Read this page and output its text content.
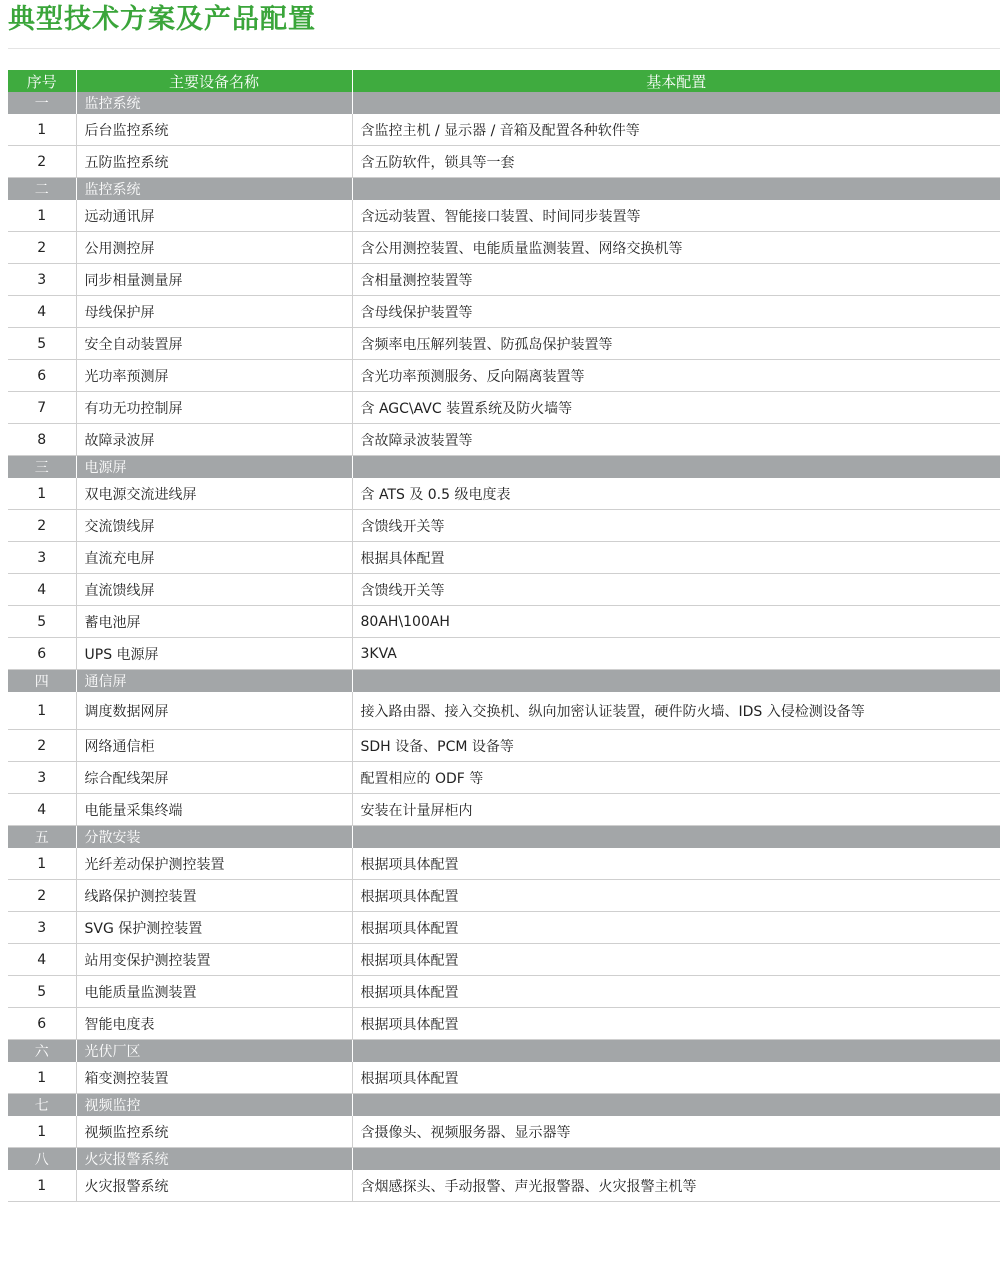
典型技术方案及产品配置
序号	主要设备名称	基本配置
一	监控系统	
1	后台监控系统	含监控主机 / 显示器 / 音箱及配置各种软件等
2	五防监控系统	含五防软件，锁具等一套
二	监控系统	
1	远动通讯屏	含远动装置、智能接口装置、时间同步装置等
2	公用测控屏	含公用测控装置、电能质量监测装置、网络交换机等
3	同步相量测量屏	含相量测控装置等
4	母线保护屏	含母线保护装置等
5	安全自动装置屏	含频率电压解列装置、防孤岛保护装置等
6	光功率预测屏	含光功率预测服务、反向隔离装置等
7	有功无功控制屏	含 AGC\AVC 装置系统及防火墙等
8	故障录波屏	含故障录波装置等
三	电源屏	
1	双电源交流进线屏	含 ATS 及 0.5 级电度表
2	交流馈线屏	含馈线开关等
3	直流充电屏	根据具体配置
4	直流馈线屏	含馈线开关等
5	蓄电池屏	80AH\100AH
6	UPS 电源屏	3KVA
四	通信屏	
1	调度数据网屏	接入路由器、接入交换机、纵向加密认证装置，硬件防火墙、IDS 入侵检测设备等
2	网络通信柜	SDH 设备、PCM 设备等
3	综合配线架屏	配置相应的 ODF 等
4	电能量采集终端	安装在计量屏柜内
五	分散安装	
1	光纤差动保护测控装置	根据项具体配置
2	线路保护测控装置	根据项具体配置
3	SVG 保护测控装置	根据项具体配置
4	站用变保护测控装置	根据项具体配置
5	电能质量监测装置	根据项具体配置
6	智能电度表	根据项具体配置
六	光伏厂区	
1	箱变测控装置	根据项具体配置
七	视频监控	
1	视频监控系统	含摄像头、视频服务器、显示器等
八	火灾报警系统	
1	火灾报警系统	含烟感探头、手动报警、声光报警器、火灾报警主机等
